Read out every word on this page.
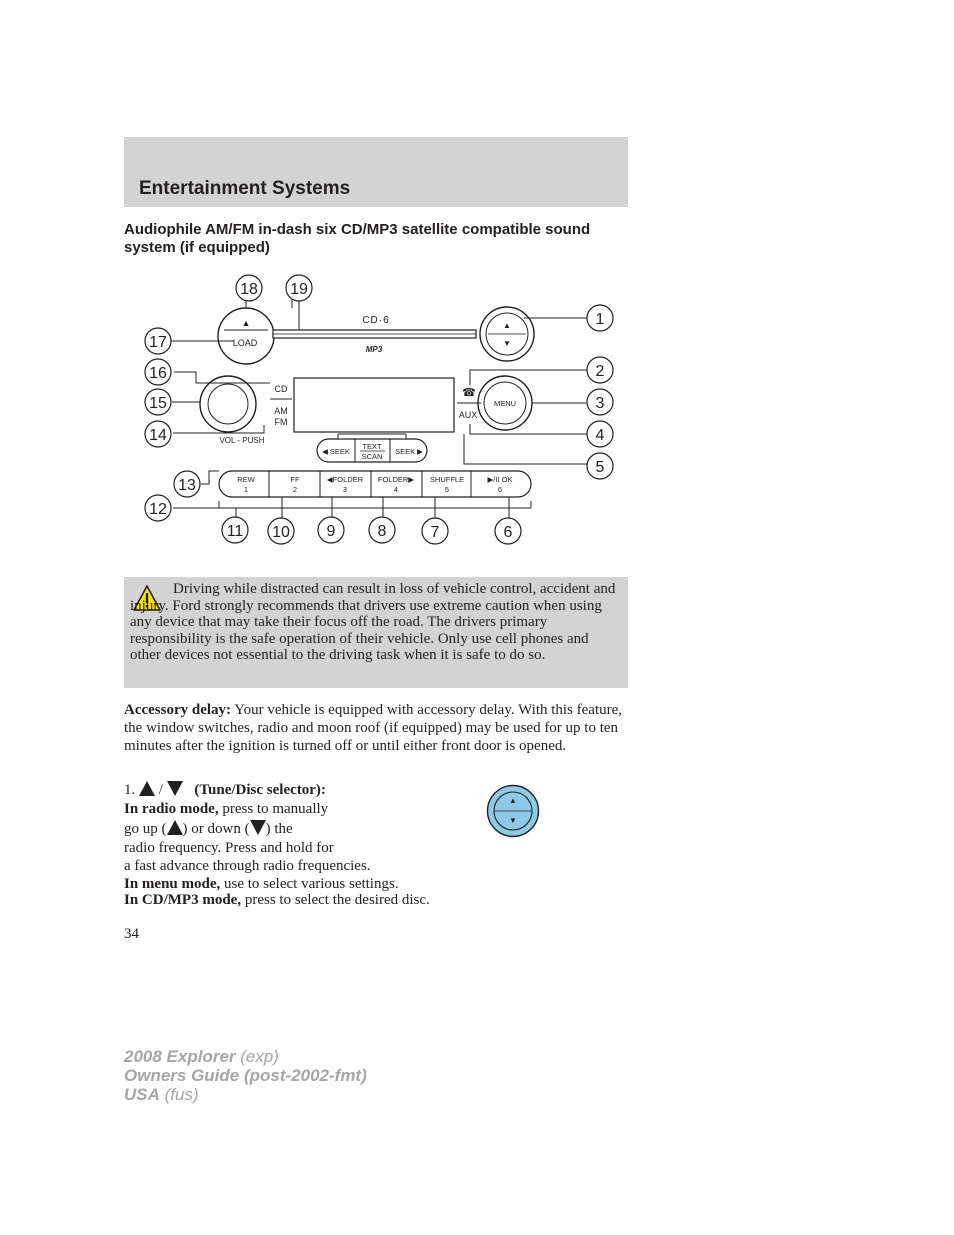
Entertainment Systems
Audiophile AM/FM in-dash six CD/MP3 satellite compatible sound system (if equipped)
▲
LOAD
CD·6
MP3
▲
▼
CD
AM
FM
VOL - PUSH
☎
AUX
MENU
◀ SEEK
TEXT
SCAN
SEEK ▶
REW
1
FF
2
◀FOLDER
3
FOLDER▶
4
SHUFFLE
5
▶/II OK
6
1
2
3
4
5
6
7
8
9
10
11
12
13
14
15
16
17
18 19
Driving while distracted can result in loss of vehicle control, accident and injury. Ford strongly recommends that drivers use extreme caution when using any device that may take their focus off the road. The drivers primary responsibility is the safe operation of their vehicle. Only use cell phones and other devices not essential to the driving task when it is safe to do so.
Accessory delay: Your vehicle is equipped with accessory delay. With this feature, the window switches, radio and moon roof (if equipped) may be used for up to ten minutes after the ignition is turned off or until either front door is opened.
1. / (Tune/Disc selector):
In radio mode, press to manually
go up ( ) or down ( ) the
radio frequency. Press and hold for
a fast advance through radio frequencies.
In menu mode, use to select various settings.
In CD/MP3 mode, press to select the desired disc.
▲
▼
34
2008 Explorer (exp)
Owners Guide (post-2002-fmt)
USA (fus)
